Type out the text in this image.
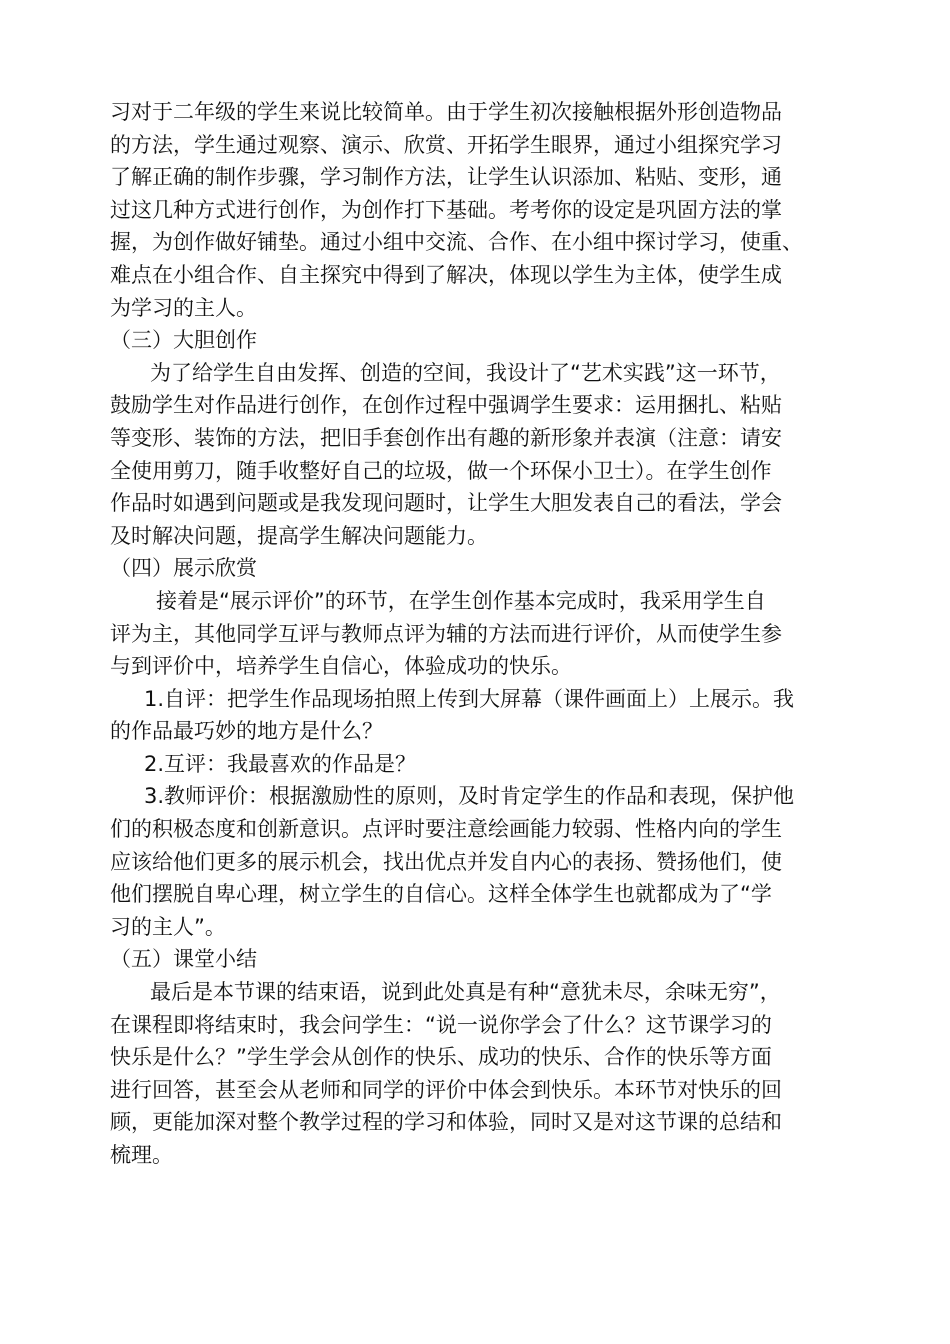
习对于二年级的学生来说比较简单。由于学生初次接触根据外形创造物品
的方法，学生通过观察、演示、欣赏、开拓学生眼界，通过小组探究学习
了解正确的制作步骤，学习制作方法，让学生认识添加、粘贴、变形，通
过这几种方式进行创作，为创作打下基础。考考你的设定是巩固方法的掌
握，为创作做好铺垫。通过小组中交流、合作、在小组中探讨学习，使重、
难点在小组合作、自主探究中得到了解决，体现以学生为主体，使学生成
为学习的主人。
（三）大胆创作
为了给学生自由发挥、创造的空间，我设计了“艺术实践”这一环节，
鼓励学生对作品进行创作，在创作过程中强调学生要求：运用捆扎、粘贴
等变形、装饰的方法，把旧手套创作出有趣的新形象并表演（注意：请安
全使用剪刀，随手收整好自己的垃圾，做一个环保小卫士）。在学生创作
作品时如遇到问题或是我发现问题时，让学生大胆发表自己的看法，学会
及时解决问题，提高学生解决问题能力。
（四）展示欣赏
接着是“展示评价”的环节，在学生创作基本完成时，我采用学生自
评为主，其他同学互评与教师点评为辅的方法而进行评价，从而使学生参
与到评价中，培养学生自信心，体验成功的快乐。
1.自评：把学生作品现场拍照上传到大屏幕（课件画面上）上展示。我
的作品最巧妙的地方是什么？
2.互评：我最喜欢的作品是？
3.教师评价：根据激励性的原则，及时肯定学生的作品和表现，保护他
们的积极态度和创新意识。点评时要注意绘画能力较弱、性格内向的学生
应该给他们更多的展示机会，找出优点并发自内心的表扬、赞扬他们，使
他们摆脱自卑心理，树立学生的自信心。这样全体学生也就都成为了“学
习的主人”。
（五）课堂小结
最后是本节课的结束语，说到此处真是有种“意犹未尽，余味无穷”，
在课程即将结束时，我会问学生：“说一说你学会了什么？这节课学习的
快乐是什么？”学生学会从创作的快乐、成功的快乐、合作的快乐等方面
进行回答，甚至会从老师和同学的评价中体会到快乐。本环节对快乐的回
顾，更能加深对整个教学过程的学习和体验，同时又是对这节课的总结和
梳理。
